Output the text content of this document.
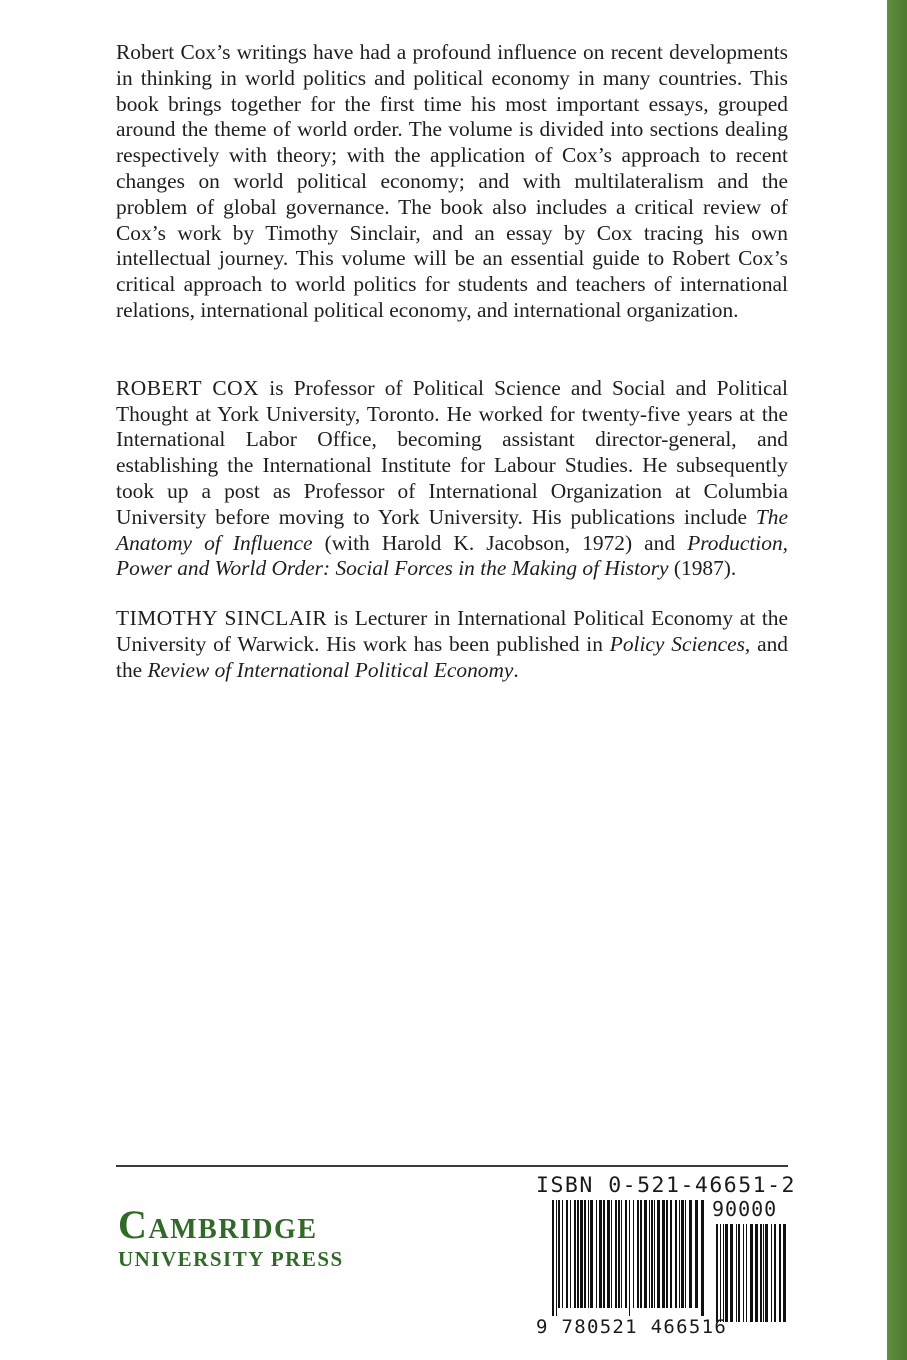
Robert Cox’s writings have had a profound influence on recent developments in thinking in world politics and political economy in many countries. This book brings together for the first time his most important essays, grouped around the theme of world order. The volume is divided into sections dealing respectively with theory; with the application of Cox’s approach to recent changes on world political economy; and with multilateralism and the problem of global governance. The book also includes a critical review of Cox’s work by Timothy Sinclair, and an essay by Cox tracing his own intellectual journey. This volume will be an essential guide to Robert Cox’s critical approach to world politics for students and teachers of international relations, international political economy, and international organization.

ROBERT COX is Professor of Political Science and Social and Political Thought at York University, Toronto. He worked for twenty-five years at the International Labor Office, becoming assistant director-general, and establishing the International Institute for Labour Studies. He subsequently took up a post as Professor of International Organization at Columbia University before moving to York University. His publications include The Anatomy of Influence (with Harold K. Jacobson, 1972) and Production, Power and World Order: Social Forces in the Making of History (1987).

TIMOTHY SINCLAIR is Lecturer in International Political Economy at the University of Warwick. His work has been published in Policy Sciences, and the Review of International Political Economy.

Cambridge
UNIVERSITY PRESS
ISBN 0-521-46651-2
90000
9 780521 466516
